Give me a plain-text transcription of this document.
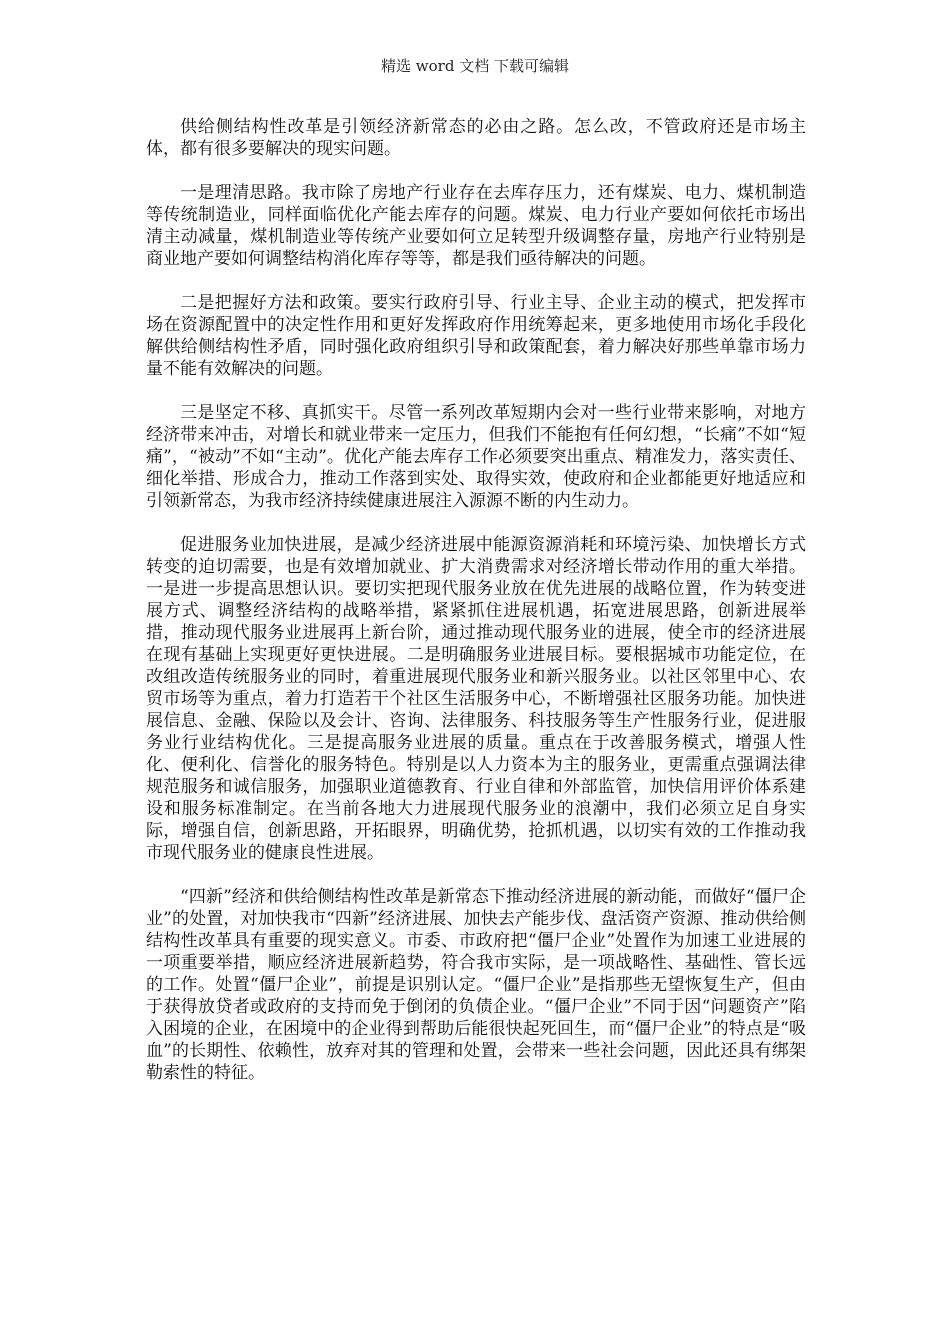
精选 word 文档 下载可编辑

供给侧结构性改革是引领经济新常态的必由之路。怎么改，不管政府还是市场主体，都有很多要解决的现实问题。

一是理清思路。我市除了房地产行业存在去库存压力，还有煤炭、电力、煤机制造等传统制造业，同样面临优化产能去库存的问题。煤炭、电力行业产要如何依托市场出清主动减量，煤机制造业等传统产业要如何立足转型升级调整存量，房地产行业特别是商业地产要如何调整结构消化库存等等，都是我们亟待解决的问题。

二是把握好方法和政策。要实行政府引导、行业主导、企业主动的模式，把发挥市场在资源配置中的决定性作用和更好发挥政府作用统筹起来，更多地使用市场化手段化解供给侧结构性矛盾，同时强化政府组织引导和政策配套，着力解决好那些单靠市场力量不能有效解决的问题。

三是坚定不移、真抓实干。尽管一系列改革短期内会对一些行业带来影响，对地方经济带来冲击，对增长和就业带来一定压力，但我们不能抱有任何幻想，“长痛”不如“短痛”，“被动”不如“主动”。优化产能去库存工作必须要突出重点、精准发力，落实责任、细化举措、形成合力，推动工作落到实处、取得实效，使政府和企业都能更好地适应和引领新常态，为我市经济持续健康进展注入源源不断的内生动力。

促进服务业加快进展，是减少经济进展中能源资源消耗和环境污染、加快增长方式转变的迫切需要，也是有效增加就业、扩大消费需求对经济增长带动作用的重大举措。一是进一步提高思想认识。要切实把现代服务业放在优先进展的战略位置，作为转变进展方式、调整经济结构的战略举措，紧紧抓住进展机遇，拓宽进展思路，创新进展举措，推动现代服务业进展再上新台阶，通过推动现代服务业的进展，使全市的经济进展在现有基础上实现更好更快进展。二是明确服务业进展目标。要根据城市功能定位，在改组改造传统服务业的同时，着重进展现代服务业和新兴服务业。以社区邻里中心、农贸市场等为重点，着力打造若干个社区生活服务中心，不断增强社区服务功能。加快进展信息、金融、保险以及会计、咨询、法律服务、科技服务等生产性服务行业，促进服务业行业结构优化。三是提高服务业进展的质量。重点在于改善服务模式，增强人性化、便利化、信誉化的服务特色。特别是以人力资本为主的服务业，更需重点强调法律规范服务和诚信服务，加强职业道德教育、行业自律和外部监管，加快信用评价体系建设和服务标准制定。在当前各地大力进展现代服务业的浪潮中，我们必须立足自身实际，增强自信，创新思路，开拓眼界，明确优势，抢抓机遇，以切实有效的工作推动我市现代服务业的健康良性进展。

“四新”经济和供给侧结构性改革是新常态下推动经济进展的新动能，而做好“僵尸企业”的处置，对加快我市“四新”经济进展、加快去产能步伐、盘活资产资源、推动供给侧结构性改革具有重要的现实意义。市委、市政府把“僵尸企业”处置作为加速工业进展的一项重要举措，顺应经济进展新趋势，符合我市实际，是一项战略性、基础性、管长远的工作。处置“僵尸企业”，前提是识别认定。“僵尸企业”是指那些无望恢复生产，但由于获得放贷者或政府的支持而免于倒闭的负债企业。“僵尸企业”不同于因“问题资产”陷入困境的企业，在困境中的企业得到帮助后能很快起死回生，而“僵尸企业”的特点是“吸血”的长期性、依赖性，放弃对其的管理和处置，会带来一些社会问题，因此还具有绑架勒索性的特征。
